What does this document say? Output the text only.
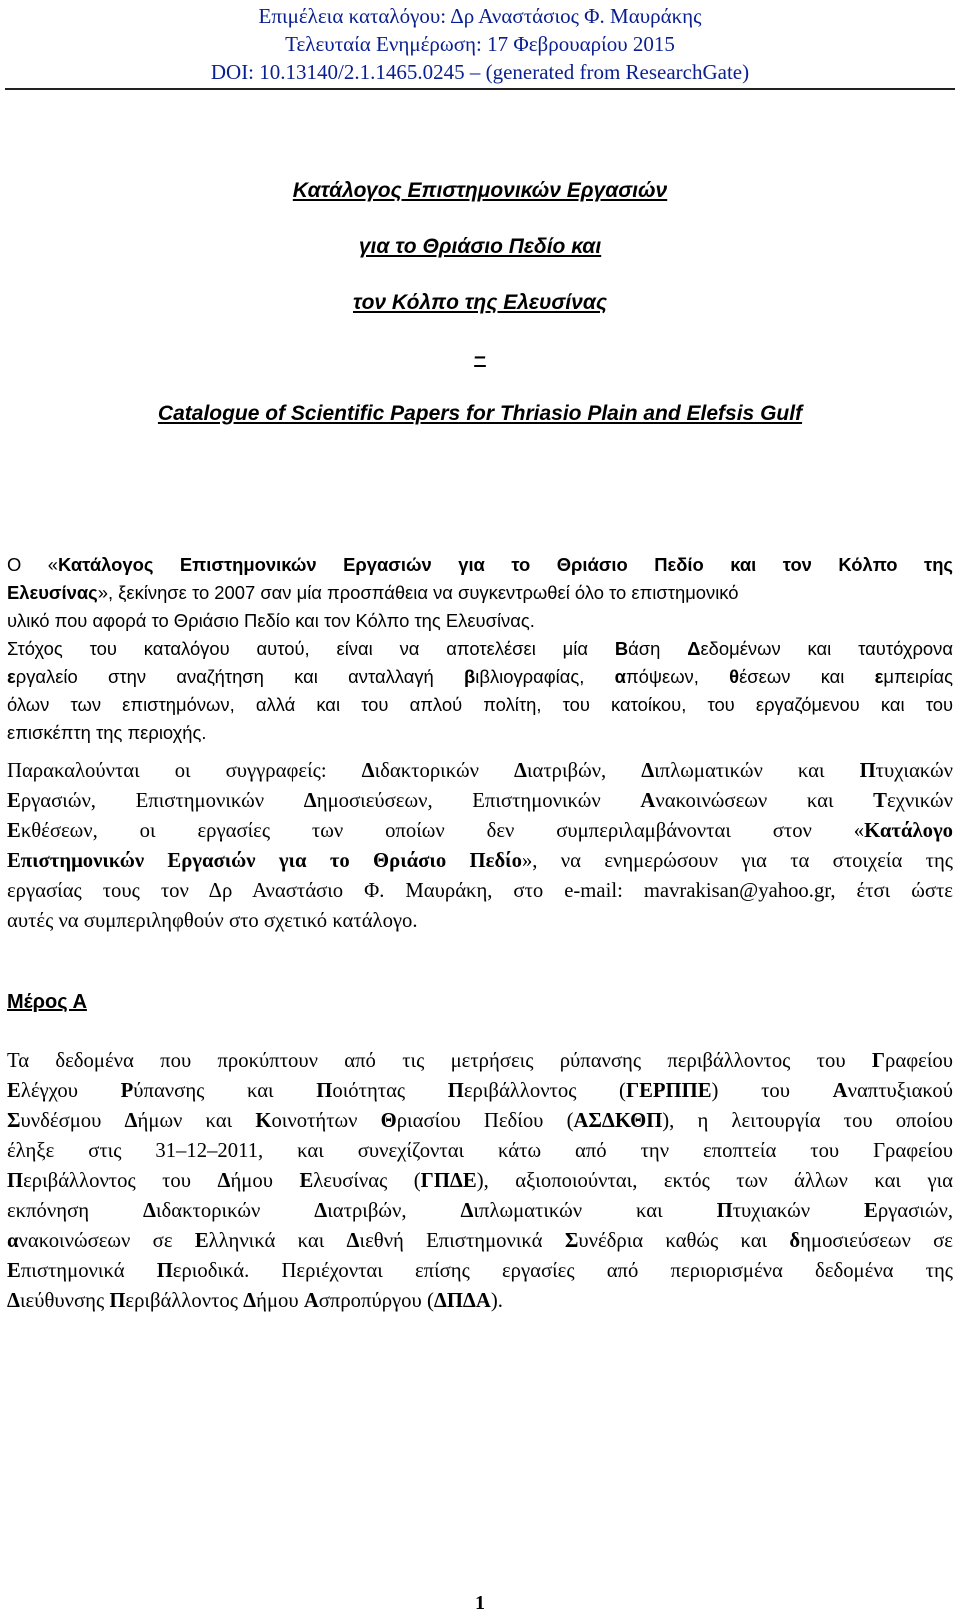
Επιμέλεια καταλόγου: Δρ Αναστάσιος Φ. Μαυράκης
Τελευταία Ενημέρωση: 17 Φεβρουαρίου 2015
DOI: 10.13140/2.1.1465.0245 – (generated from ResearchGate)
Κατάλογος Επιστημονικών Εργασιών
για το Θριάσιο Πεδίο και
τον Κόλπο της Ελευσίνας
–
Catalogue of Scientific Papers for Thriasio Plain and Elefsis Gulf
Ο «Κατάλογος Επιστημονικών Εργασιών για το Θριάσιο Πεδίο και τον Κόλπο της
Ελευσίνας», ξεκίνησε το 2007 σαν μία προσπάθεια να συγκεντρωθεί όλο το επιστημονικό
υλικό που αφορά το Θριάσιο Πεδίο και τον Κόλπο της Ελευσίνας.
Στόχος του καταλόγου αυτού, είναι να αποτελέσει μία Βάση Δεδομένων και ταυτόχρονα
εργαλείο στην αναζήτηση και ανταλλαγή βιβλιογραφίας, απόψεων, θέσεων και εμπειρίας
όλων των επιστημόνων, αλλά και του απλού πολίτη, του κατοίκου, του εργαζόμενου και του
επισκέπτη της περιοχής.
Παρακαλούνται οι συγγραφείς: Διδακτορικών Διατριβών, Διπλωματικών και Πτυχιακών
Εργασιών, Επιστημονικών Δημοσιεύσεων, Επιστημονικών Ανακοινώσεων και Τεχνικών
Εκθέσεων, οι εργασίες των οποίων δεν συμπεριλαμβάνονται στον «Κατάλογο
Επιστημονικών Εργασιών για το Θριάσιο Πεδίο», να ενημερώσουν για τα στοιχεία της
εργασίας τους τον Δρ Αναστάσιο Φ. Μαυράκη, στο e-mail: mavrakisan@yahoo.gr, έτσι ώστε
αυτές να συμπεριληφθούν στο σχετικό κατάλογο.
Μέρος Α
Τα δεδομένα που προκύπτουν από τις μετρήσεις ρύπανσης περιβάλλοντος του Γραφείου
Ελέγχου Ρύπανσης και Ποιότητας Περιβάλλοντος (ΓΕΡΠΠΕ) του Αναπτυξιακού
Συνδέσμου Δήμων και Κοινοτήτων Θριασίου Πεδίου (ΑΣΔΚΘΠ), η λειτουργία του οποίου
έληξε στις 31–12–2011, και συνεχίζονται κάτω από την εποπτεία του Γραφείου
Περιβάλλοντος του Δήμου Ελευσίνας (ΓΠΔΕ), αξιοποιούνται, εκτός των άλλων και για
εκπόνηση Διδακτορικών Διατριβών, Διπλωματικών και Πτυχιακών Εργασιών,
ανακοινώσεων σε Ελληνικά και Διεθνή Επιστημονικά Συνέδρια καθώς και δημοσιεύσεων σε
Επιστημονικά Περιοδικά. Περιέχονται επίσης εργασίες από περιορισμένα δεδομένα της
Διεύθυνσης Περιβάλλοντος Δήμου Ασπροπύργου (ΔΠΔΑ).
1
